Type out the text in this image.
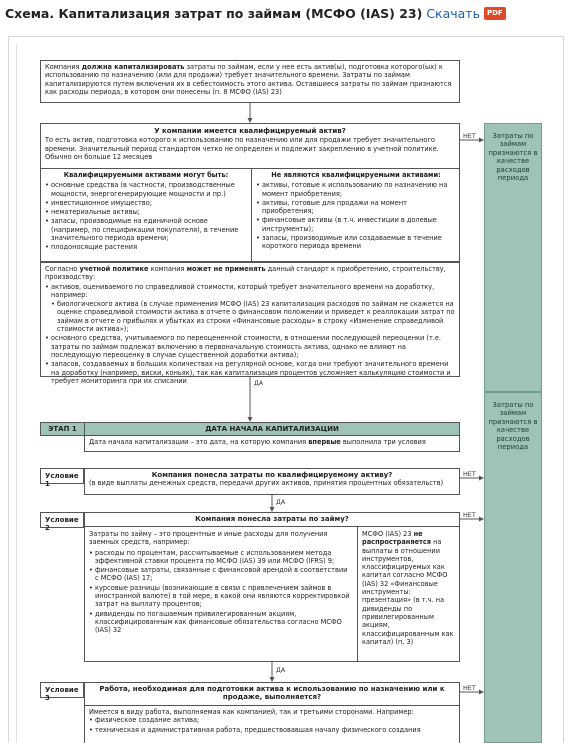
Схема. Капитализация затрат по займам (МСФО (IAS) 23) Скачать	PDF
Компания должна капитализировать затраты по займам, если у нее есть актив(ы), подготовка которого(ых) к использованию по назначению (или для продажи) требует значительного времени. Затраты по займам капитализируются путем включения их в себестоимость этого актива. Оставшиеся затраты по займам признаются как расходы периода, в котором они понесены (п. 8 МСФО (IAS) 23)
У компании имеется квалифицируемый актив?
То есть актив, подготовка которого к использованию по назначению или для продажи требует значительного времени. Значительный период стандартом четко не определен и подлежит закреплению в учетной политике. Обычно он больше 12 месяцев
Квалифицируемыми активами могут быть:
• основные средства (в частности, производственные мощности, энергогенерирующие мощности и пр.)
• инвестиционное имущество;
• нематериальные активы;
• запасы, производимые на единичной основе (например, по спецификации покупателя), в течение значительного периода времени;
• плодоносящие растения
Не являются квалифицируемыми активами:
• активы, готовые к использованию по назначению на момент приобретения;
• активы, готовые для продажи на момент приобретения;
• финансовые активы (в т.ч. инвестиции в долевые инструменты);
• запасы, производимые или создаваемые в течение короткого периода времени
Согласно учетной политике компания может не применять данный стандарт к приобретению, строительству, производству:
• активов, оцениваемого по справедливой стоимости, который требует значительного времени на доработку, например:
• биологического актива (в случае применения МСФО (IAS) 23 капитализация расходов по займам не скажется на оценке справедливой стоимости актива в отчете о финансовом положении и приведет к реаллокации затрат по займам в отчете о прибылях и убытках из строки «Финансовые расходы» в строку «Изменение справедливой стоимости актива»);
• основного средства, учитываемого по переоцененной стоимости, в отношении последующей переоценки (т.е. затраты по займам подлежат включению в первоначальную стоимость актива, однако не влияют на последующую переоценку в случае существенной доработки актива);
• запасов, создаваемых в больших количествах на регулярной основе, когда они требуют значительного времени на доработку (например, виски, коньяк), так как капитализация процентов усложняет калькуляцию стоимости и требует мониторинга при их списании
Затраты по займам признаются в качестве расходов периода
Затраты по займам признаются в качестве расходов периода
ЭТАП 1	ДАТА НАЧАЛА КАПИТАЛИЗАЦИИ
Дата начала капитализации – это дата, на которую компания впервые выполнила три условия
Условие 1
Компания понесла затраты по квалифицируемому активу?
(в виде выплаты денежных средств, передачи других активов, принятия процентных обязательств)
Условие 2
Компания понесла затраты по займу?
Затраты по займу – это процентные и иные расходы для получения заемных средств, например:
• расходы по процентам, рассчитываемые с использованием метода эффективной ставки процента по МСФО (IAS) 39 или МСФО (IFRS) 9;
• финансовые затраты, связанные с финансовой арендой в соответствии с МСФО (IAS) 17;
• курсовые разницы (возникающие в связи с привлечением займов в иностранной валюте) в той мере, в какой они являются корректировкой затрат на выплату процентов;
• дивиденды по погашаемым привилегированным акциям, классифицированным как финансовые обязательства согласно МСФО (IAS) 32
МСФО (IAS) 23 не распространяется на выплаты в отношении инструментов, классифицируемых как капитал согласно МСФО (IAS) 32 «Финансовые инструменты: презентация» (в т.ч. на дивиденды по привилегированным акциям, классифицированным как капитал) (п. 3)
Условие 3
Работа, необходимая для подготовки актива к использованию по назначению или к продаже, выполняется?
Имеется в виду работа, выполняемая как компанией, так и третьими сторонами. Например:
• физическое создание актива;
• техническая и административная работа, предшествовавшая началу физического создания
НЕТ
ДА
НЕТ
ДА
НЕТ
ДА
НЕТ
